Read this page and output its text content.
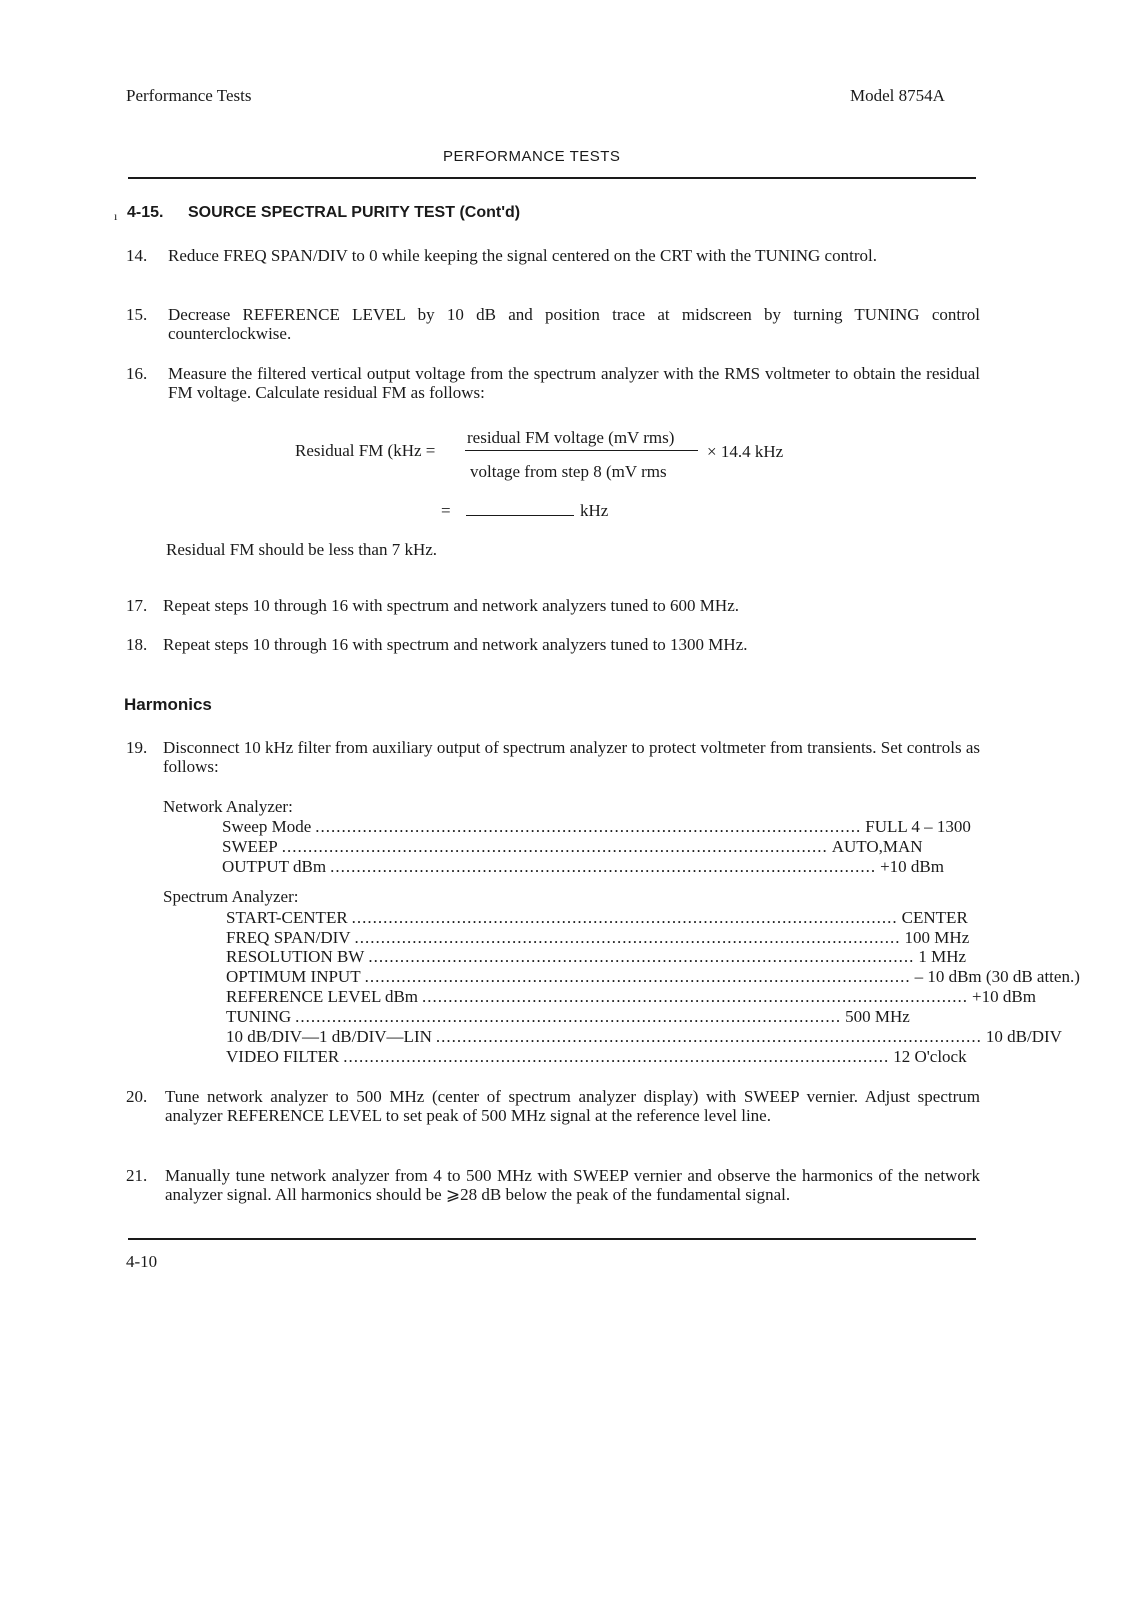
Performance Tests	Model 8754A
PERFORMANCE TESTS
ı 4-15. SOURCE SPECTRAL PURITY TEST (Cont'd)
14.	Reduce FREQ SPAN/DIV to 0 while keeping the signal centered on the CRT with the TUNING control.
15.	Decrease REFERENCE LEVEL by 10 dB and position trace at midscreen by turning TUNING control counterclockwise.
16.	Measure the filtered vertical output voltage from the spectrum analyzer with the RMS voltmeter to obtain the residual FM voltage. Calculate residual FM as follows:
Residual FM (kHz =
residual FM voltage (mV rms)
voltage from step 8 (mV rms
× 14.4 kHz
=	kHz
Residual FM should be less than 7 kHz.
17. Repeat steps 10 through 16 with spectrum and network analyzers tuned to 600 MHz.
18. Repeat steps 10 through 16 with spectrum and network analyzers tuned to 1300 MHz.
Harmonics
19. Disconnect 10 kHz filter from auxiliary output of spectrum analyzer to protect voltmeter from transients. Set controls as follows:
Network Analyzer:
Sweep Mode ........................................................................................................ FULL 4 – 1300
SWEEP ........................................................................................................ AUTO,MAN
OUTPUT dBm ........................................................................................................ +10 dBm
Spectrum Analyzer:
START-CENTER ........................................................................................................ CENTER
FREQ SPAN/DIV ........................................................................................................ 100 MHz
RESOLUTION BW ........................................................................................................ 1 MHz
OPTIMUM INPUT ........................................................................................................ – 10 dBm (30 dB atten.)
REFERENCE LEVEL dBm ........................................................................................................ +10 dBm
TUNING ........................................................................................................ 500 MHz
10 dB/DIV—1 dB/DIV—LIN ........................................................................................................ 10 dB/DIV
VIDEO FILTER ........................................................................................................ 12 O'clock
20.	Tune network analyzer to 500 MHz (center of spectrum analyzer display) with SWEEP vernier. Adjust spectrum analyzer REFERENCE LEVEL to set peak of 500 MHz signal at the reference level line.
21.	Manually tune network analyzer from 4 to 500 MHz with SWEEP vernier and observe the harmonics of the network analyzer signal. All harmonics should be ⩾28 dB below the peak of the fundamental signal.
4-10
